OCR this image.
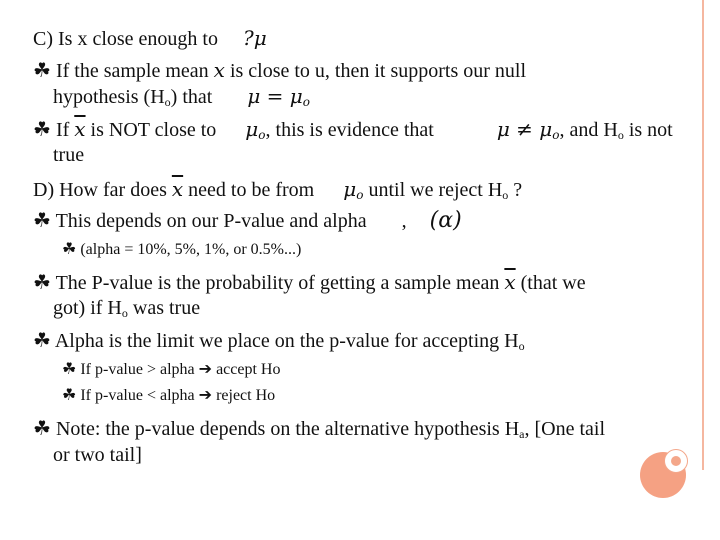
C) Is x close enough to ?μ
☘ If the sample mean x is close to u, then it supports our null
hypothesis $(H_o)$ that $\mu = \mu_o$
☘ If $\overline{x}$ is NOT close to $\mu_o$, this is evidence that	$\mu \ne \mu_o$, and $H_o$ is not
true
D) How far does $\overline{x}$ need to be from $\mu_o$ until we reject $H_o$ ?
☘ This depends on our P-value and alpha , (α)
☘ (alpha = 10%, 5%, 1%, or 0.5%...)
☘ The P-value is the probability of getting a sample mean $\overline{x}$ (that we
got) if $H_o$ was true
☘ Alpha is the limit we place on the p-value for accepting $H_o$
☘ If p-value > alpha ➔ accept Ho
☘ If p-value < alpha ➔ reject Ho
☘ Note: the p-value depends on the alternative hypothesis $H_a$, [One tail
or two tail]
